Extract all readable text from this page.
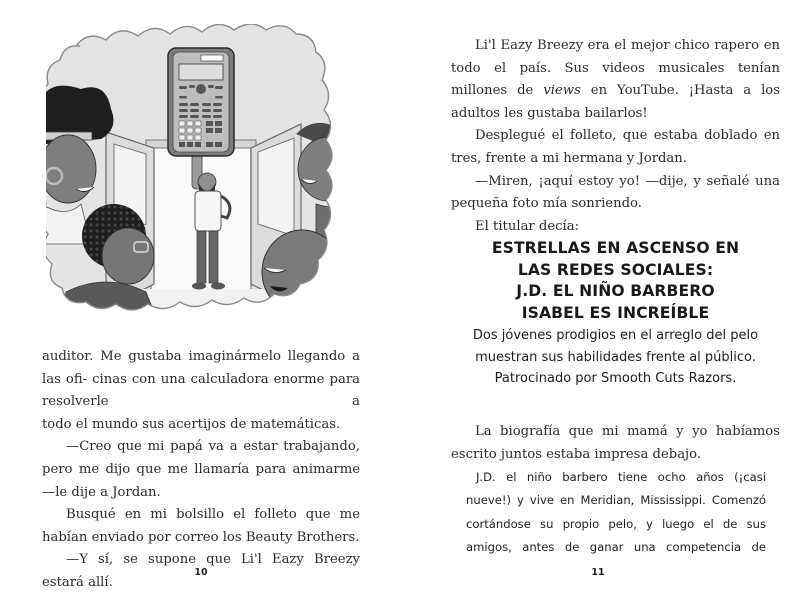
auditor. Me gustaba imaginármelo llegando a las ofi- cinas con una calculadora enorme para resolverle a todo el mundo sus acertijos de matemáticas.

—Creo que mi papá va a estar trabajando, pero me dijo que me llamaría para animarme —le dije a Jordan.

Busqué en mi bolsillo el folleto que me habían enviado por correo los Beauty Brothers.

—Y sí, se supone que Li'l Eazy Breezy estará allí.

10

Li'l Eazy Breezy era el mejor chico rapero en todo el país. Sus videos musicales tenían millones de views en YouTube. ¡Hasta a los adultos les gustaba bailarlos!

Desplegué el folleto, que estaba doblado en tres, frente a mi hermana y Jordan.

—Miren, ¡aquí estoy yo! —dije, y señalé una pequeña foto mía sonriendo.

El titular decía:

ESTRELLAS EN ASCENSO EN
LAS REDES SOCIALES:
J.D. EL NIÑO BARBERO
ISABEL ES INCREÍBLE
Dos jóvenes prodigios en el arreglo del pelo
muestran sus habilidades frente al público.
Patrocinado por Smooth Cuts Razors.

La biografía que mi mamá y yo habíamos escrito juntos estaba impresa debajo.

J.D. el niño barbero tiene ocho años (¡casi
nueve!) y vive en Meridian, Mississippi. Comenzó
cortándose su propio pelo, y luego el de sus
amigos, antes de ganar una competencia de
11
